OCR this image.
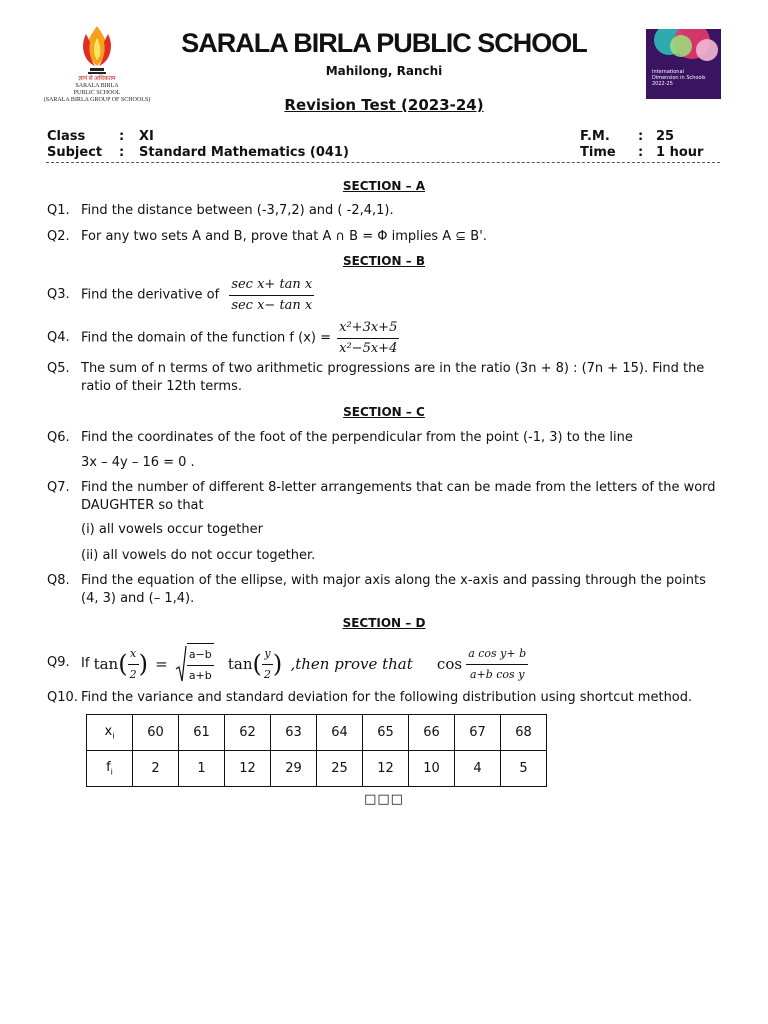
ज्ञानं से अधिकतम
SARALA BIRLA
PUBLIC SCHOOL
(SARALA BIRLA GROUP OF SCHOOLS)
SARALA BIRLA PUBLIC SCHOOL
Mahilong, Ranchi
Revision Test (2023-24)
International
Dimension in Schools
2022-25
Class	:	XI
Subject	:	Standard Mathematics (041)
F.M.	: 25
Time	: 1 hour
SECTION – A
Q1. Find the distance between (-3,7,2) and ( -2,4,1).
Q2. For any two sets A and B, prove that A ∩ B = Φ implies A ⊆ B'.
SECTION – B
Q3. Find the derivative of $\frac{\text{sec x+ tan x}}{\text{sec x− tan x}}$
Q4. Find the domain of the function f $(x) = \frac{\text{x²+3x+5}}{\text{x²−5x+4}}$
Q5. The sum of n terms of two arithmetic progressions are in the ratio (3n + 8) : (7n + 15). Find the ratio of their 12th terms.
SECTION – C
Q6. Find the coordinates of the foot of the perpendicular from the point (-1, 3) to the line
3x – 4y – 16 = 0 .
Q7. Find the number of different 8-letter arrangements that can be made from the letters of the word DAUGHTER so that
(i) all vowels occur together
(ii) all vowels do not occur together.
Q8. Find the equation of the ellipse, with major axis along the x-axis and passing through the points (4, 3) and (– 1,4).
SECTION – D
Q9. If $\tan( \frac{x}{2}$ ) = $\frac{a-b}{a+b} \tan( \frac{y}{2}$ ) ,then prove that $\cos \frac{\text{a cos y+ b}}{\text{a+b cos y}}$
Q10. Find the variance and standard deviation for the following distribution using shortcut method.
$x_i$	60	61	62	63	64	65	66	67	68
$f_i$	2	1	12	29	25	12	10	4	5
□□□
